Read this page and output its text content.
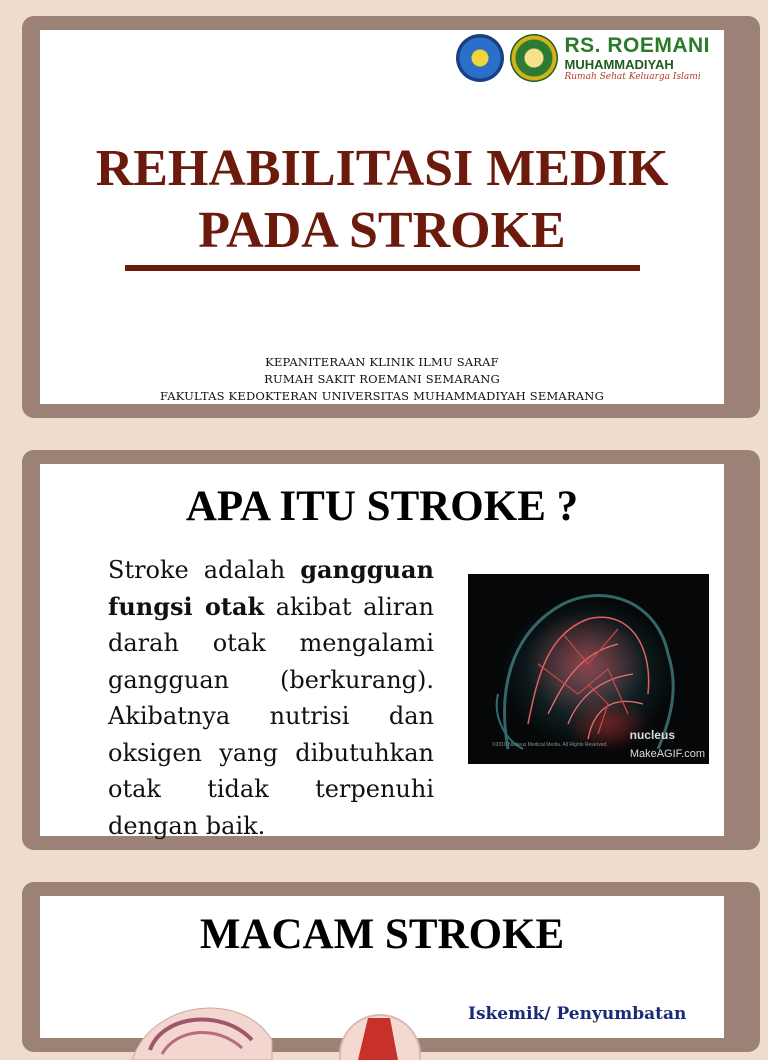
RS. ROEMANI
MUHAMMADIYAH
Rumah Sehat Keluarga Islami
REHABILITASI MEDIK
PADA STROKE
KEPANITERAAN KLINIK ILMU SARAF
RUMAH SAKIT ROEMANI SEMARANG
FAKULTAS KEDOKTERAN UNIVERSITAS MUHAMMADIYAH SEMARANG
APA ITU STROKE ?
Stroke adalah gangguan fungsi otak akibat aliran darah otak mengalami gangguan (berkurang). Akibatnya nutrisi dan oksigen yang dibutuhkan otak tidak terpenuhi dengan baik.
©2010 Nucleus Medical Media. All Rights Reserved.
nucleus
MakeAGIF.com
MACAM STROKE
Iskemik/ Penyumbatan
